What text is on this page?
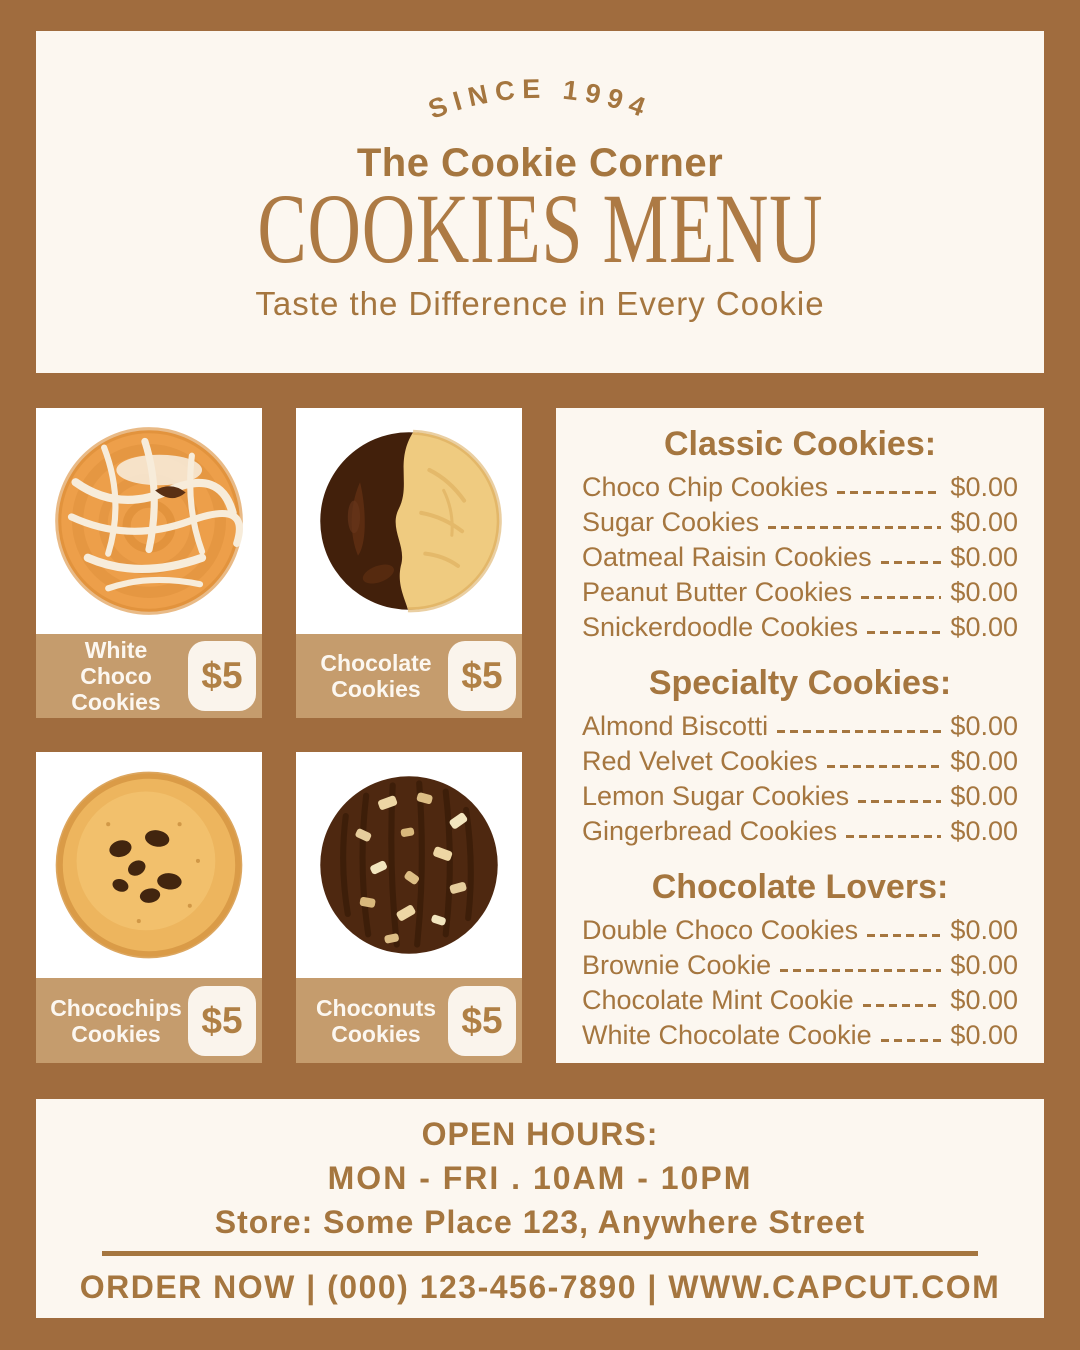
SINCE 1994
The Cookie Corner
COOKIES MENU
Taste the Difference in Every Cookie
White Choco Cookies
$5	Chocolate Cookies	$5
Chocochips Cookies	$5	Choconuts Cookies	$5
Classic Cookies:
Choco Chip Cookies	$0.00
Sugar Cookies	$0.00
Oatmeal Raisin Cookies	$0.00
Peanut Butter Cookies	$0.00
Snickerdoodle Cookies	$0.00
Specialty Cookies:
Almond Biscotti	$0.00
Red Velvet Cookies	$0.00
Lemon Sugar Cookies	$0.00
Gingerbread Cookies	$0.00
Chocolate Lovers:
Double Choco Cookies	$0.00
Brownie Cookie	$0.00
Chocolate Mint Cookie	$0.00
White Chocolate Cookie	$0.00
OPEN HOURS:
MON - FRI . 10AM - 10PM
Store: Some Place 123, Anywhere Street
ORDER NOW | (000) 123-456-7890 | WWW.CAPCUT.COM
